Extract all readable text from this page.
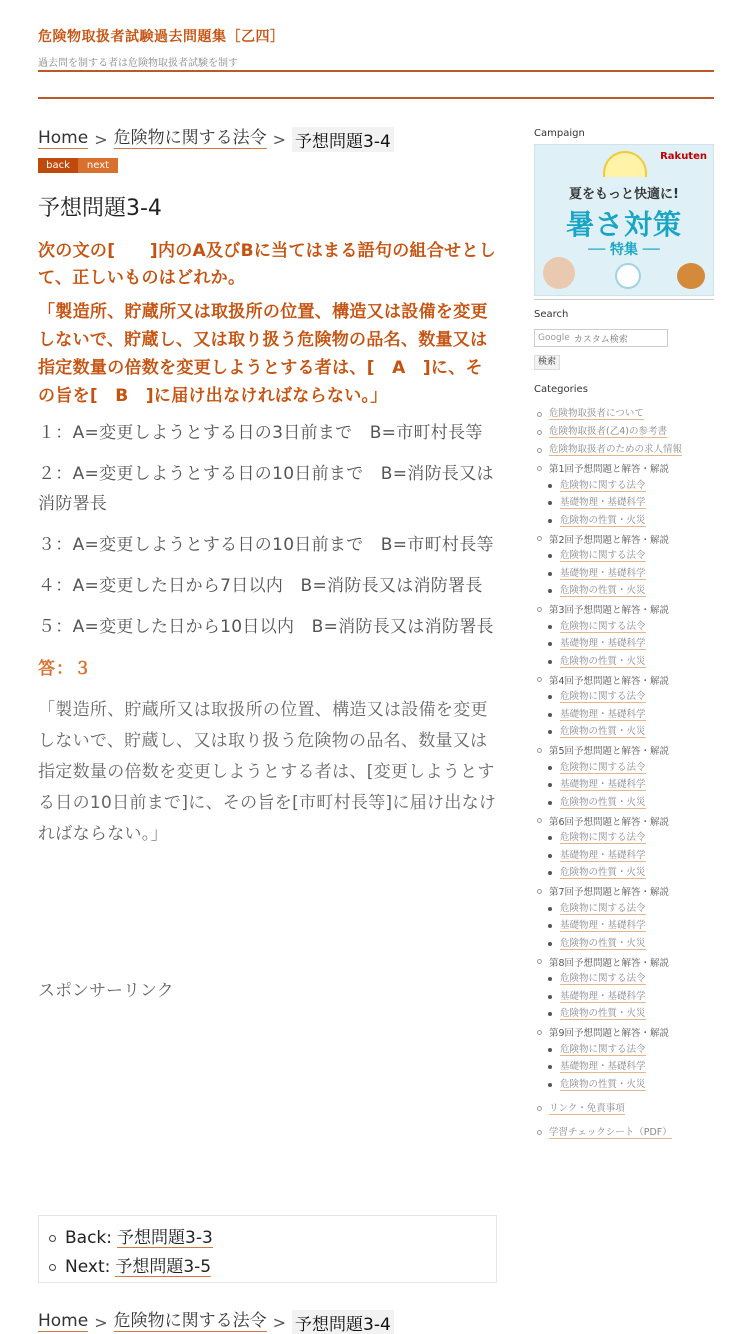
危険物取扱者試験過去問題集［乙四］
過去問を制する者は危険物取扱者試験を制す
Home > 危険物に関する法令 > 予想問題3-4
back	next
予想問題3-4

次の文の[　　]内のA及びBに当てはまる語句の組合せとして、正しいものはどれか。

「製造所、貯蔵所又は取扱所の位置、構造又は設備を変更しないで、貯蔵し、又は取り扱う危険物の品名、数量又は指定数量の倍数を変更しようとする者は、[　A　]に、その旨を[　B　]に届け出なければならない。」

１：A=変更しようとする日の3日前まで　B=市町村長等

２：A=変更しようとする日の10日前まで　B=消防長又は消防署長

３：A=変更しようとする日の10日前まで　B=市町村長等

４：A=変更した日から7日以内　B=消防長又は消防署長

５：A=変更した日から10日以内　B=消防長又は消防署長

答：３

「製造所、貯蔵所又は取扱所の位置、構造又は設備を変更しないで、貯蔵し、又は取り扱う危険物の品名、数量又は指定数量の倍数を変更しようとする者は、[変更しようとする日の10日前まで]に、その旨を[市町村長等]に届け出なければならない。」

スポンサーリンク
Back: 予想問題3-3
Next: 予想問題3-5
Home > 危険物に関する法令 > 予想問題3-4
Campaign
Rakuten
夏をもっと快適に!
暑さ対策
── 特集 ──
Search
Google カスタム検索
検索
Categories
危険物取扱者について
危険物取扱者(乙4)の参考書
危険物取扱者のための求人情報
第1回予想問題と解答・解説
危険物に関する法令
基礎物理・基礎科学
危険物の性質・火災
第2回予想問題と解答・解説
危険物に関する法令
基礎物理・基礎科学
危険物の性質・火災
第3回予想問題と解答・解説
危険物に関する法令
基礎物理・基礎科学
危険物の性質・火災
第4回予想問題と解答・解説
危険物に関する法令
基礎物理・基礎科学
危険物の性質・火災
第5回予想問題と解答・解説
危険物に関する法令
基礎物理・基礎科学
危険物の性質・火災
第6回予想問題と解答・解説
危険物に関する法令
基礎物理・基礎科学
危険物の性質・火災
第7回予想問題と解答・解説
危険物に関する法令
基礎物理・基礎科学
危険物の性質・火災
第8回予想問題と解答・解説
危険物に関する法令
基礎物理・基礎科学
危険物の性質・火災
第9回予想問題と解答・解説
危険物に関する法令
基礎物理・基礎科学
危険物の性質・火災
リンク・免責事項
学習チェックシート（PDF）
